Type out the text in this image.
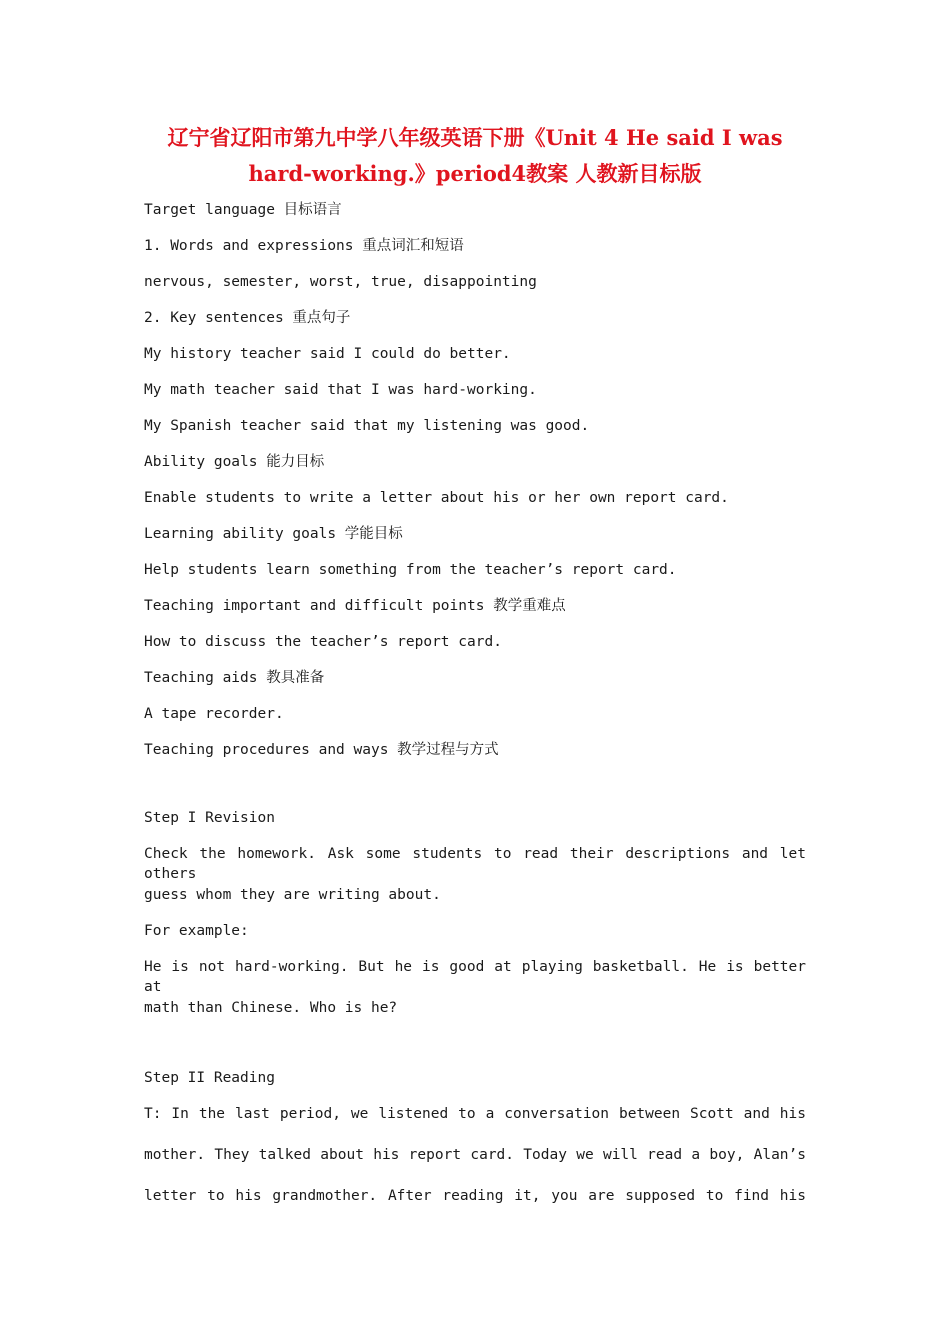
辽宁省辽阳市第九中学八年级英语下册《Unit 4 He said I was
hard-working.》period4教案 人教新目标版
Target language 目标语言
1. Words and expressions 重点词汇和短语
nervous, semester, worst, true, disappointing
2. Key sentences 重点句子
My history teacher said I could do better.
My math teacher said that I was hard-working.
My Spanish teacher said that my listening was good.
Ability goals 能力目标
Enable students to write a letter about his or her own report card.
Learning ability goals 学能目标
Help students learn something from the teacher’s report card.
Teaching important and difficult points 教学重难点
How to discuss the teacher’s report card.
Teaching aids 教具准备
A tape recorder.
Teaching procedures and ways 教学过程与方式
Step I Revision
Check the homework. Ask some students to read their descriptions and let others
guess whom they are writing about.
For example:
He is not hard-working. But he is good at playing basketball. He is better at
math than Chinese. Who is he?
Step II Reading
T: In the last period, we listened to a conversation between Scott and his
mother. They talked about his report card. Today we will read a boy, Alan’s
letter to his grandmother. After reading it, you are supposed to find his
